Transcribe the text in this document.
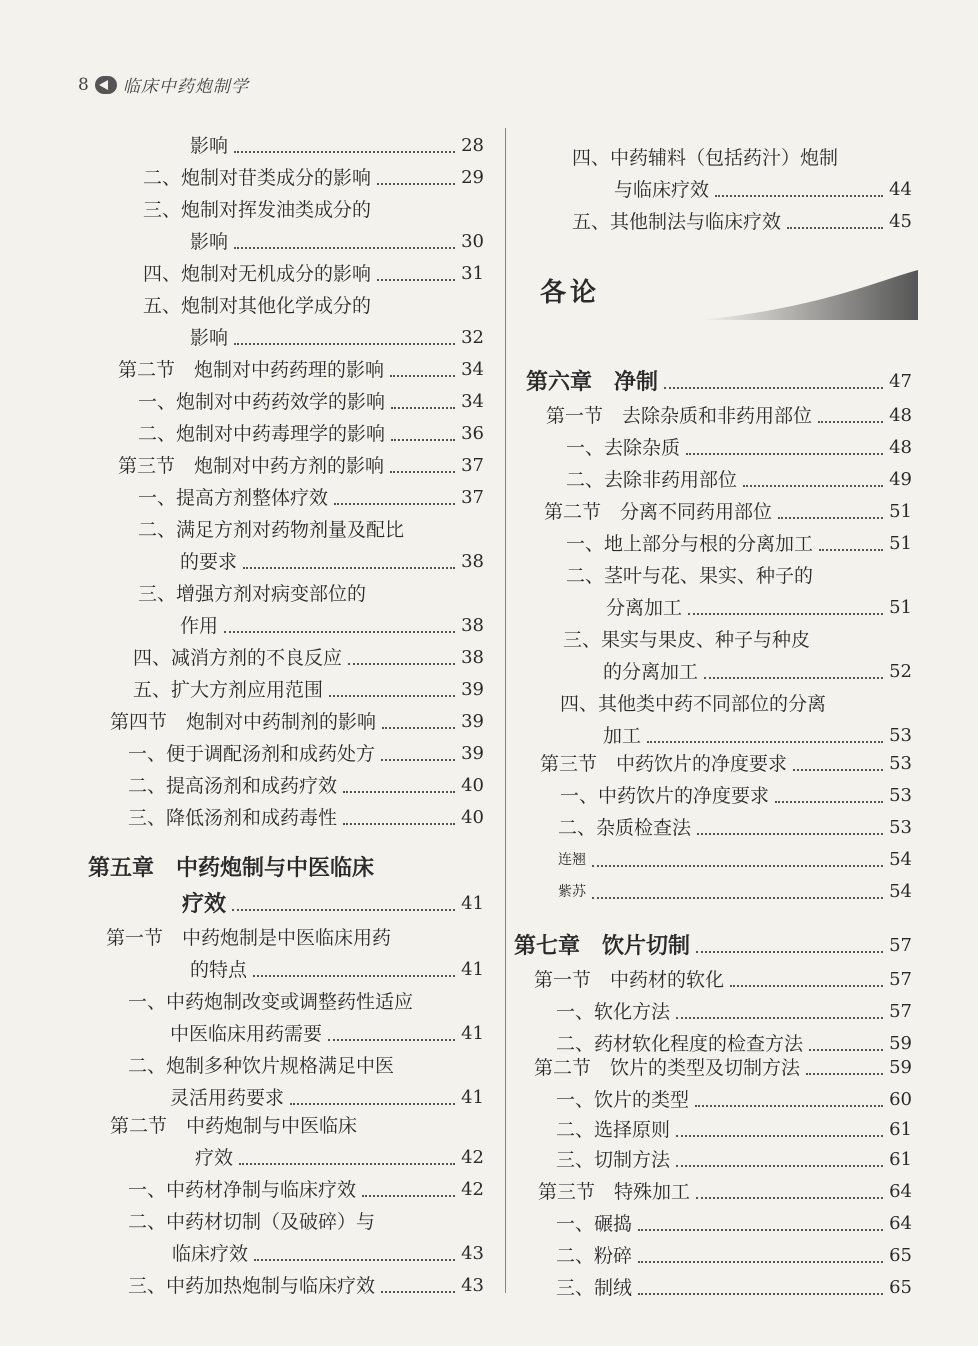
8 临床中药炮制学
各论
影响	28
二、炮制对苷类成分的影响	29
三、炮制对挥发油类成分的
影响	30
四、炮制对无机成分的影响	31
五、炮制对其他化学成分的
影响	32
第二节　炮制对中药药理的影响	34
一、炮制对中药药效学的影响	34
二、炮制对中药毒理学的影响	36
第三节　炮制对中药方剂的影响	37
一、提高方剂整体疗效	37
二、满足方剂对药物剂量及配比
的要求	38
三、增强方剂对病变部位的
作用	38
四、减消方剂的不良反应	38
五、扩大方剂应用范围	39
第四节　炮制对中药制剂的影响	39
一、便于调配汤剂和成药处方	39
二、提高汤剂和成药疗效	40
三、降低汤剂和成药毒性	40
第五章　中药炮制与中医临床
疗效	41
第一节　中药炮制是中医临床用药
的特点	41
一、中药炮制改变或调整药性适应
中医临床用药需要	41
二、炮制多种饮片规格满足中医
灵活用药要求	41
第二节　中药炮制与中医临床
疗效	42
一、中药材净制与临床疗效	42
二、中药材切制（及破碎）与
临床疗效	43
三、中药加热炮制与临床疗效	43
四、中药辅料（包括药汁）炮制
与临床疗效	44
五、其他制法与临床疗效	45
第六章　净制	47
第一节　去除杂质和非药用部位	48
一、去除杂质	48
二、去除非药用部位	49
第二节　分离不同药用部位	51
一、地上部分与根的分离加工	51
二、茎叶与花、果实、种子的
分离加工	51
三、果实与果皮、种子与种皮
的分离加工	52
四、其他类中药不同部位的分离
加工	53
第三节　中药饮片的净度要求	53
一、中药饮片的净度要求	53
二、杂质检查法	53
连翘	54
紫苏	54
第七章　饮片切制	57
第一节　中药材的软化	57
一、软化方法	57
二、药材软化程度的检查方法	59
第二节　饮片的类型及切制方法	59
一、饮片的类型	60
二、选择原则	61
三、切制方法	61
第三节　特殊加工	64
一、碾捣	64
二、粉碎	65
三、制绒	65
